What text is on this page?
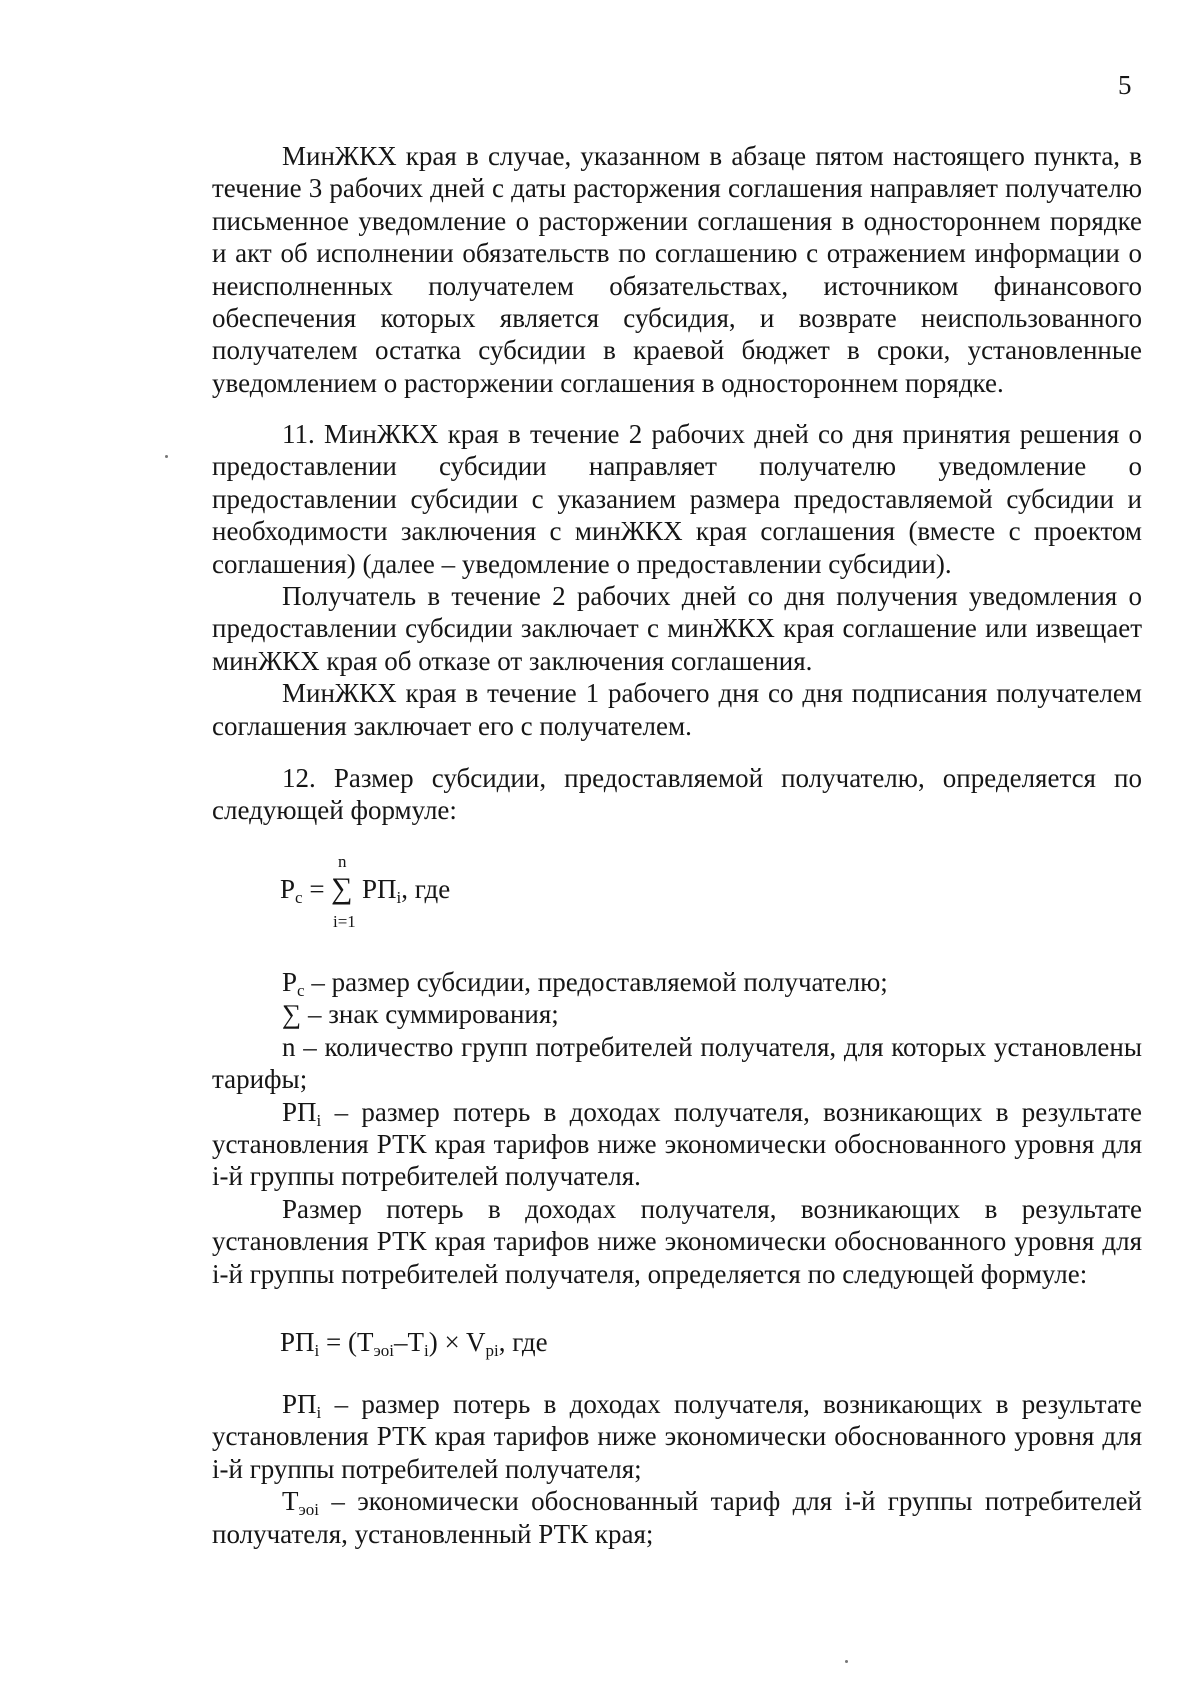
5

МинЖКХ края в случае, указанном в абзаце пятом настоящего пункта, в течение 3 рабочих дней с даты расторжения соглашения направляет получателю письменное уведомление о расторжении соглашения в одностороннем порядке и акт об исполнении обязательств по соглашению с отражением информации о неисполненных получателем обязательствах, источником финансового обеспечения которых является субсидия, и возврате неиспользованного получателем остатка субсидии в краевой бюджет в сроки, установленные уведомлением о расторжении соглашения в одностороннем порядке.

11. МинЖКХ края в течение 2 рабочих дней со дня принятия решения о предоставлении субсидии направляет получателю уведомление о предоставлении субсидии с указанием размера предоставляемой субсидии и необходимости заключения с минЖКХ края соглашения (вместе с проектом соглашения) (далее – уведомление о предоставлении субсидии).

Получатель в течение 2 рабочих дней со дня получения уведомления о предоставлении субсидии заключает с минЖКХ края соглашение или извещает минЖКХ края об отказе от заключения соглашения.

МинЖКХ края в течение 1 рабочего дня со дня подписания получателем соглашения заключает его с получателем.

12. Размер субсидии, предоставляемой получателю, определяется по следующей формуле:

n
$Р_с$ = ∑ $РП_i$, где
i=1

$Р_с$ – размер субсидии, предоставляемой получателю;

∑ – знак суммирования;

n – количество групп потребителей получателя, для которых установлены тарифы;

$РП_i$ – размер потерь в доходах получателя, возникающих в результате установления РТК края тарифов ниже экономически обоснованного уровня для i-й группы потребителей получателя.

Размер потерь в доходах получателя, возникающих в результате установления РТК края тарифов ниже экономически обоснованного уровня для i-й группы потребителей получателя, определяется по следующей формуле:

$РП_i = (Т_{эоi}-Т_i) \times V_{pi}$, где

$РП_i$ – размер потерь в доходах получателя, возникающих в результате установления РТК края тарифов ниже экономически обоснованного уровня для i-й группы потребителей получателя;

$Т_{эоi}$ – экономически обоснованный тариф для i-й группы потребителей получателя, установленный РТК края;
